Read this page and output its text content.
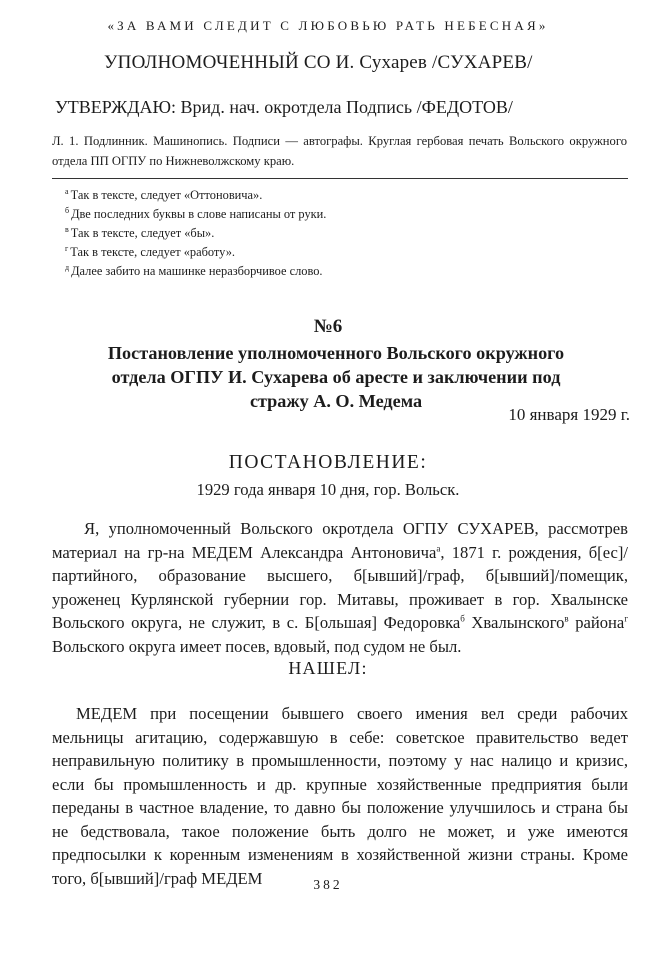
«ЗА ВАМИ СЛЕДИТ С ЛЮБОВЬЮ РАТЬ НЕБЕСНАЯ»
УПОЛНОМОЧЕННЫЙ СО И. Сухарев /СУХАРЕВ/
УТВЕРЖДАЮ: Врид. нач. окротдела Подпись /ФЕДОТОВ/
Л. 1. Подлинник. Машинопись. Подписи — автографы. Круглая гербовая печать Вольского окружного отдела ПП ОГПУ по Нижневолжскому краю.
$^а$ Так в тексте, следует «Оттоновича».
$^б$ Две последних буквы в слове написаны от руки.
$^в$ Так в тексте, следует «бы».
$^г$ Так в тексте, следует «работу».
$^д$ Далее забито на машинке неразборчивое слово.
№6
Постановление уполномоченного Вольского окружного отдела ОГПУ И. Сухарева об аресте и заключении под стражу А. О. Медема
10 января 1929 г.
ПОСТАНОВЛЕНИЕ:
1929 года января 10 дня, гор. Вольск.
Я, уполномоченный Вольского окротдела ОГПУ СУХАРЕВ, рассмотрев материал на гр-на МЕДЕМ Александра Антоновича$^а$, 1871 г. рождения, б[ес]/партийного, образование высшего, б[ывший]/граф, б[ывший]/помещик, уроженец Курлянской губернии гор. Митавы, проживает в гор. Хвалынске Вольского округа, не служит, в с. Б[ольшая] Федоровка$^б$ Хвалынского$^в$ района$^г$ Вольского округа имеет посев, вдовый, под судом не был.
НАШЕЛ:
МЕДЕМ при посещении бывшего своего имения вел среди рабочих мельницы агитацию, содержавшую в себе: советское правительство ведет неправильную политику в промышленности, поэтому у нас налицо и кризис, если бы промышленность и др. крупные хозяйственные предприятия были переданы в частное владение, то давно бы положение улучшилось и страна бы не бедствовала, такое положение быть долго не может, и уже имеются предпосылки к коренным изменениям в хозяйственной жизни страны. Кроме того, б[ывший]/граф МЕДЕМ	382
